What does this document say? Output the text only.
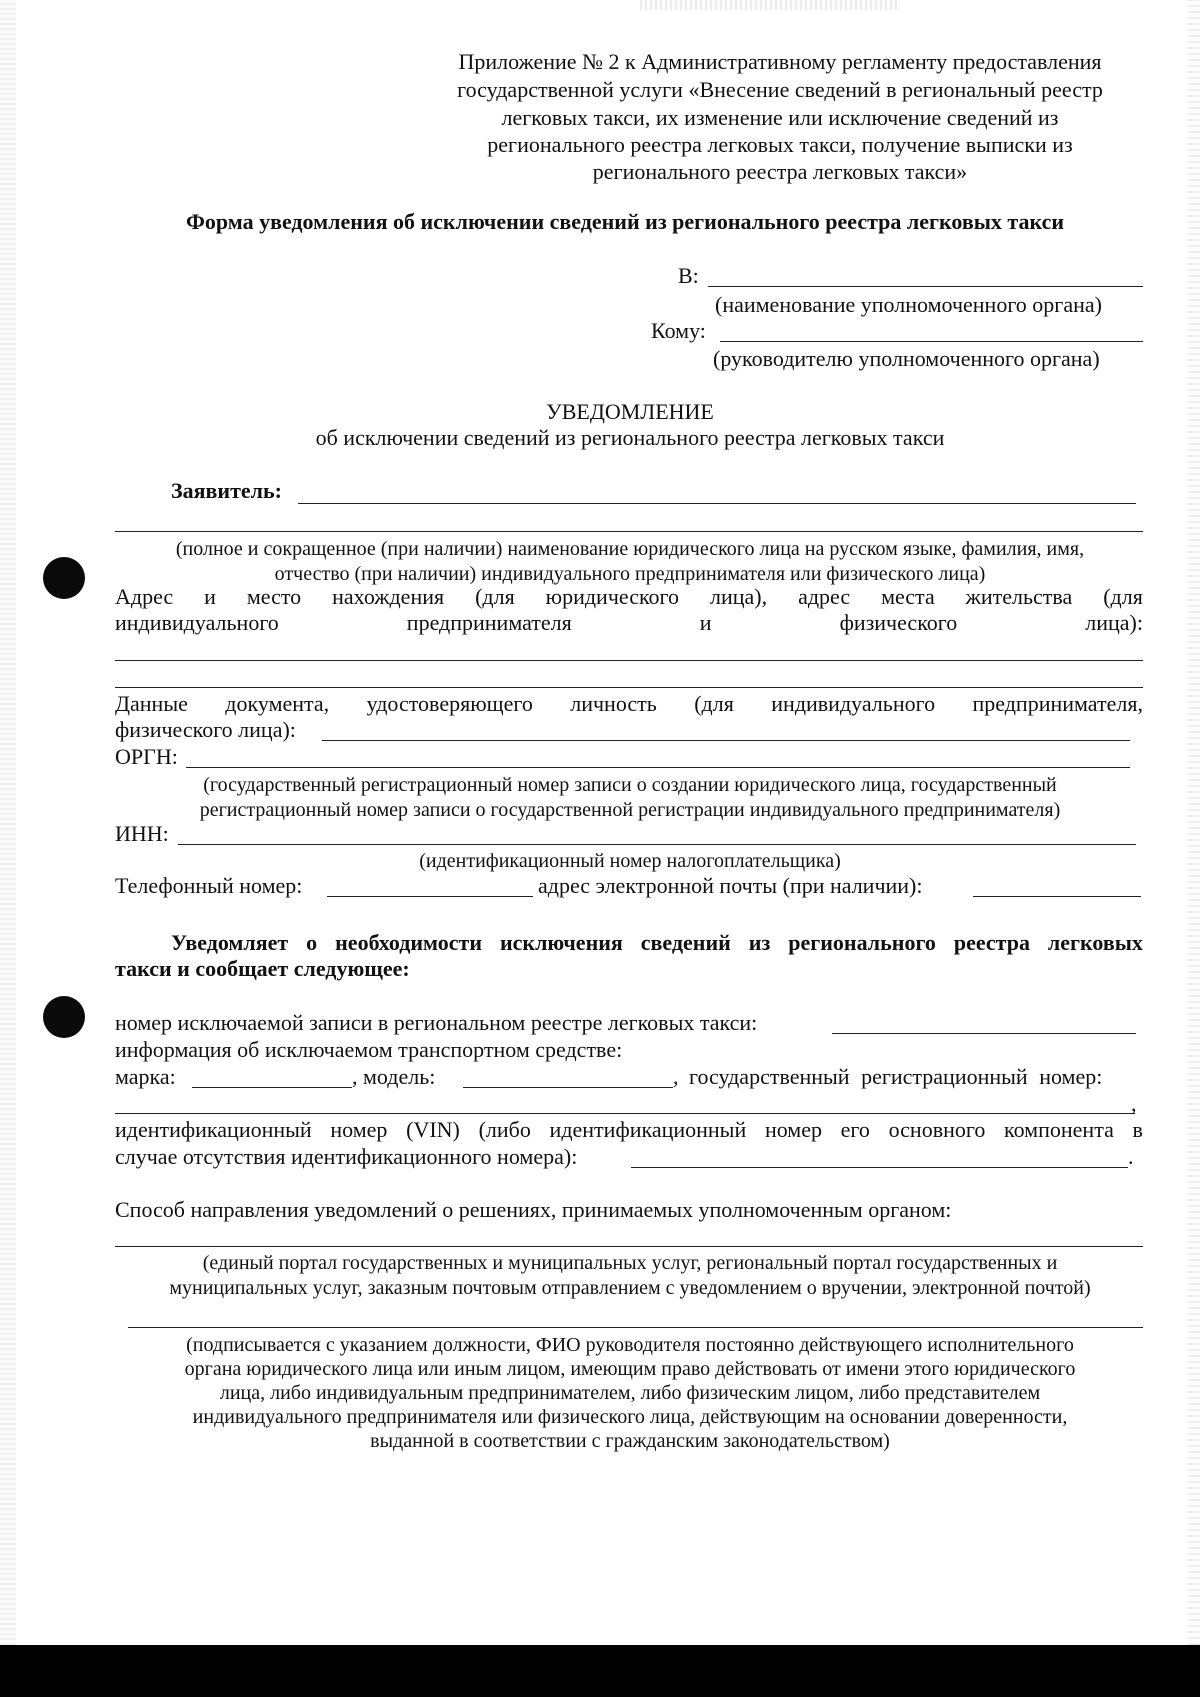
Приложение № 2 к Административному регламенту предоставления
государственной услуги «Внесение сведений в региональный реестр
легковых такси, их изменение или исключение сведений из
регионального реестра легковых такси, получение выписки из
регионального реестра легковых такси»
Форма уведомления об исключении сведений из регионального реестра легковых такси
В:
(наименование уполномоченного органа)
Кому:
(руководителю уполномоченного органа)
УВЕДОМЛЕНИЕ
об исключении сведений из регионального реестра легковых такси
Заявитель:
(полное и сокращенное (при наличии) наименование юридического лица на русском языке, фамилия, имя,
отчество (при наличии) индивидуального предпринимателя или физического лица)
Адрес и место нахождения (для юридического лица), адрес места жительства (для
индивидуального	предпринимателя	и	физического	лица):
Данные документа, удостоверяющего личность (для индивидуального предпринимателя,
физического лица):
ОРГН:
(государственный регистрационный номер записи о создании юридического лица, государственный
регистрационный номер записи о государственной регистрации индивидуального предпринимателя)
ИНН:
(идентификационный номер налогоплательщика)
Телефонный номер:	адрес электронной почты (при наличии):
Уведомляет о необходимости исключения сведений из регионального реестра легковых
такси и сообщает следующее:
номер исключаемой записи в региональном реестре легковых такси:
информация об исключаемом транспортном средстве:
марка:	, модель:	, государственный регистрационный номер:
,
идентификационный номер (VIN) (либо идентификационный номер его основного компонента в
случае отсутствия идентификационного номера):	.
Способ направления уведомлений о решениях, принимаемых уполномоченным органом:
(единый портал государственных и муниципальных услуг, региональный портал государственных и
муниципальных услуг, заказным почтовым отправлением с уведомлением о вручении, электронной почтой)
(подписывается с указанием должности, ФИО руководителя постоянно действующего исполнительного
органа юридического лица или иным лицом, имеющим право действовать от имени этого юридического
лица, либо индивидуальным предпринимателем, либо физическим лицом, либо представителем
индивидуального предпринимателя или физического лица, действующим на основании доверенности,
выданной в соответствии с гражданским законодательством)
